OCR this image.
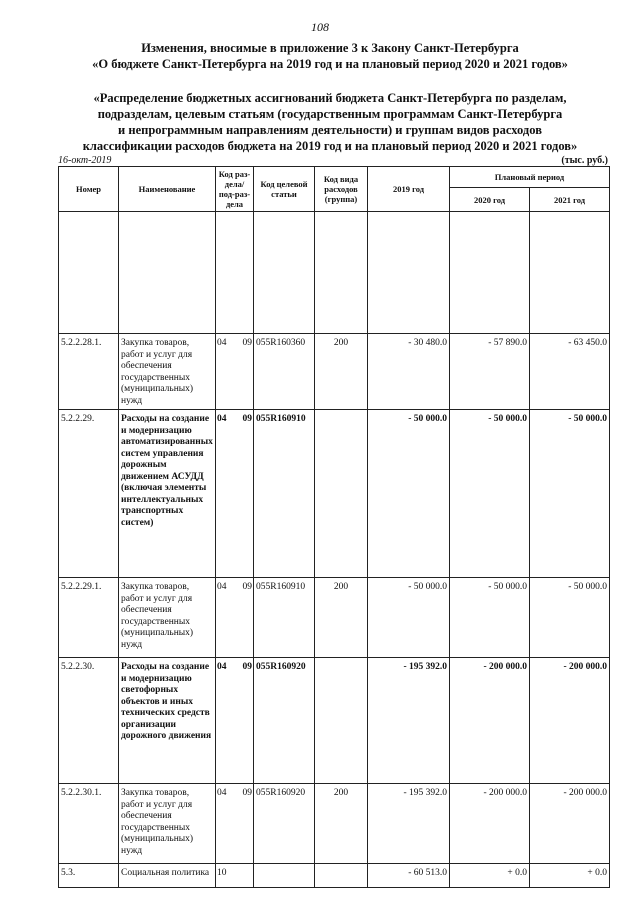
108
Изменения, вносимые в приложение 3 к Закону Санкт-Петербурга
«О бюджете Санкт-Петербурга на 2019 год и на плановый период 2020 и 2021 годов»
«Распределение бюджетных ассигнований бюджета Санкт-Петербурга по разделам,
подразделам, целевым статьям (государственным программам Санкт-Петербурга
и непрограммным направлениям деятельности) и группам видов расходов
классификации расходов бюджета на 2019 год и на плановый период 2020 и 2021 годов»
16-окт-2019	(тыс. руб.)
Номер	Наименование	Код раз-дела/ под-раз-дела	Код целевой статьи	Код вида расходов (группа)	2019 год	Плановый период	
						2020 год	2021 год

5.2.2.28.1.	Закупка товаров, работ и услуг для обеспечения государственных (муниципальных) нужд	04 09	055R160360	200	- 30 480.0	- 57 890.0	- 63 450.0
5.2.2.29.	Расходы на создание и модернизацию автоматизированных систем управления дорожным движением АСУДД (включая элементы интеллектуальных транспортных систем)	04 09	055R160910		- 50 000.0	- 50 000.0	- 50 000.0
5.2.2.29.1.	Закупка товаров, работ и услуг для обеспечения государственных (муниципальных) нужд	04 09	055R160910	200	- 50 000.0	- 50 000.0	- 50 000.0
5.2.2.30.	Расходы на создание и модернизацию светофорных объектов и иных технических средств организации дорожного движения	04 09	055R160920		- 195 392.0	- 200 000.0	- 200 000.0
5.2.2.30.1.	Закупка товаров, работ и услуг для обеспечения государственных (муниципальных) нужд	04 09	055R160920	200	- 195 392.0	- 200 000.0	- 200 000.0
5.3.	Социальная политика	10			- 60 513.0	+ 0.0	+ 0.0
